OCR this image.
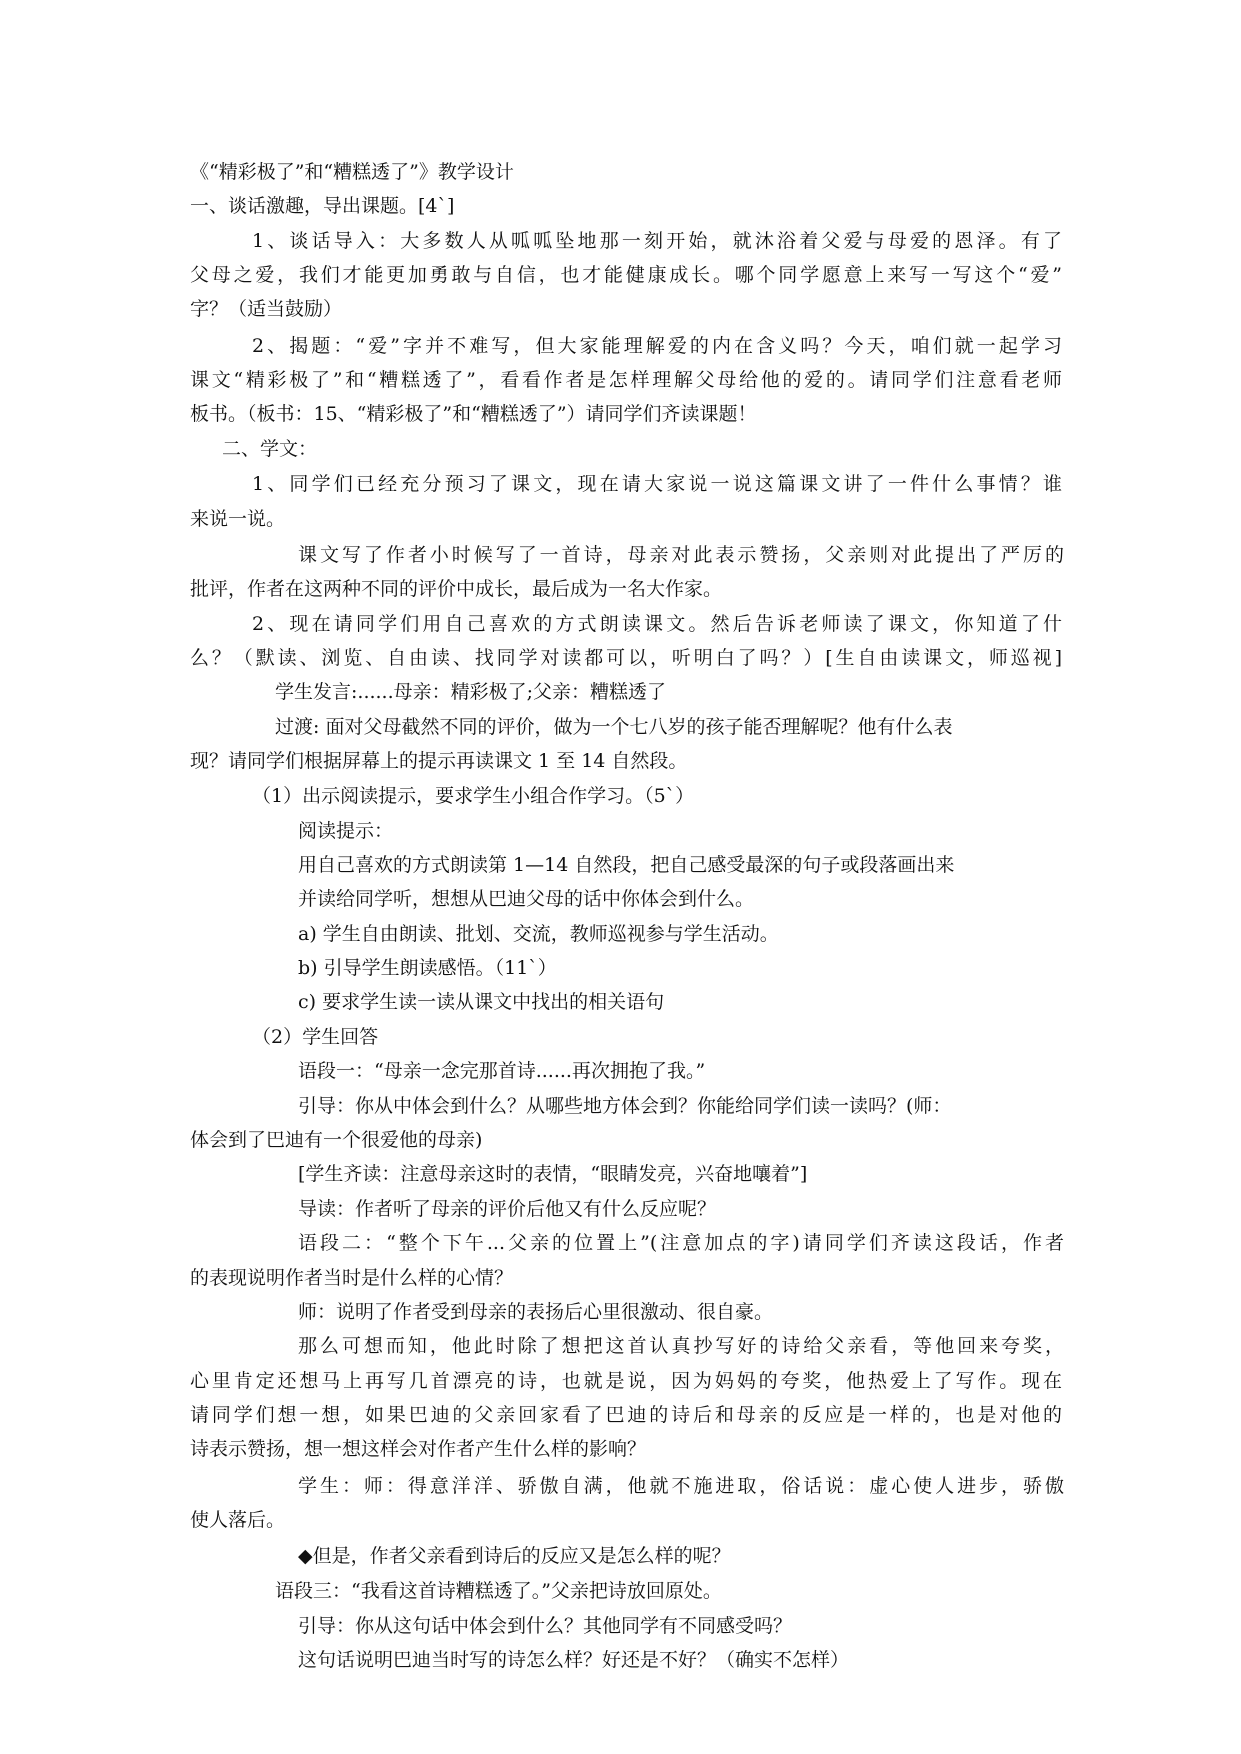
《“精彩极了”和“糟糕透了”》教学设计
一、谈话激趣，导出课题。[4`]
1、谈话导入：大多数人从呱呱坠地那一刻开始，就沐浴着父爱与母爱的恩泽。有了
父母之爱，我们才能更加勇敢与自信，也才能健康成长。哪个同学愿意上来写一写这个“爱”
字？（适当鼓励）
2、揭题：“爱”字并不难写，但大家能理解爱的内在含义吗？今天，咱们就一起学习
课文“精彩极了”和“糟糕透了”，看看作者是怎样理解父母给他的爱的。请同学们注意看老师
板书。（板书：15、“精彩极了”和“糟糕透了”）请同学们齐读课题！
二、学文：
1、同学们已经充分预习了课文，现在请大家说一说这篇课文讲了一件什么事情？谁
来说一说。
课文写了作者小时候写了一首诗，母亲对此表示赞扬，父亲则对此提出了严厉的
批评，作者在这两种不同的评价中成长，最后成为一名大作家。
2、现在请同学们用自己喜欢的方式朗读课文。然后告诉老师读了课文，你知道了什
么？（默读、浏览、自由读、找同学对读都可以，听明白了吗？）[生自由读课文，师巡视]
学生发言:......母亲：精彩极了;父亲：糟糕透了
过渡: 面对父母截然不同的评价，做为一个七八岁的孩子能否理解呢？他有什么表
现？请同学们根据屏幕上的提示再读课文 1 至 14 自然段。
（1）出示阅读提示，要求学生小组合作学习。（5`）
阅读提示：
用自己喜欢的方式朗读第 1—14 自然段，把自己感受最深的句子或段落画出来
并读给同学听，想想从巴迪父母的话中你体会到什么。
a) 学生自由朗读、批划、交流，教师巡视参与学生活动。
b) 引导学生朗读感悟。（11`）
c) 要求学生读一读从课文中找出的相关语句
（2）学生回答
语段一：“母亲一念完那首诗......再次拥抱了我。”
引导：你从中体会到什么？从哪些地方体会到？你能给同学们读一读吗？(师：
体会到了巴迪有一个很爱他的母亲)
[学生齐读：注意母亲这时的表情，“眼睛发亮，兴奋地嚷着”]
导读：作者听了母亲的评价后他又有什么反应呢？
语段二：“整个下午...父亲的位置上”(注意加点的字)请同学们齐读这段话，作者
的表现说明作者当时是什么样的心情？
师：说明了作者受到母亲的表扬后心里很激动、很自豪。
那么可想而知，他此时除了想把这首认真抄写好的诗给父亲看，等他回来夸奖，
心里肯定还想马上再写几首漂亮的诗，也就是说，因为妈妈的夸奖，他热爱上了写作。现在
请同学们想一想，如果巴迪的父亲回家看了巴迪的诗后和母亲的反应是一样的，也是对他的
诗表示赞扬，想一想这样会对作者产生什么样的影响？
学生：师：得意洋洋、骄傲自满，他就不施进取，俗话说：虚心使人进步，骄傲
使人落后。
◆但是，作者父亲看到诗后的反应又是怎么样的呢？
语段三：“我看这首诗糟糕透了。”父亲把诗放回原处。
引导：你从这句话中体会到什么？其他同学有不同感受吗？
这句话说明巴迪当时写的诗怎么样？好还是不好？（确实不怎样）
